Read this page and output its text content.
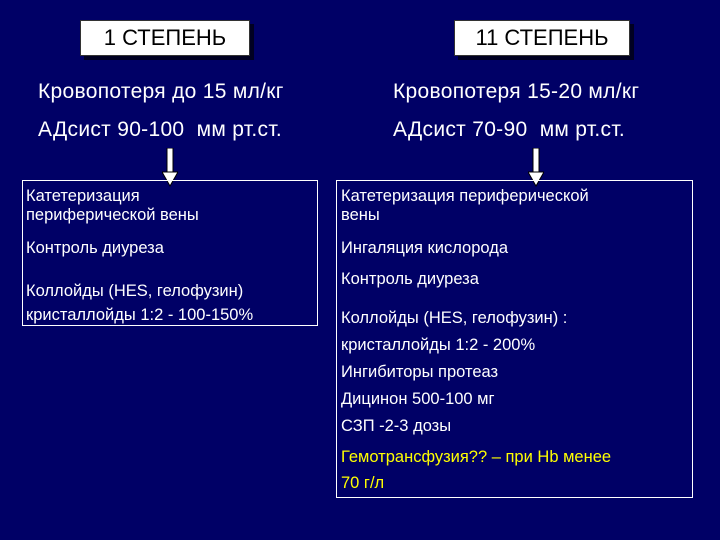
1 СТЕПЕНЬ	11 СТЕПЕНЬ
Кровопотеря до 15 мл/кг
АДсист 90-100  мм рт.ст.
Кровопотеря 15-20 мл/кг
АДсист 70-90  мм рт.ст.
Катетеризация
периферической вены
Контроль диуреза
Коллойды (HES, гелофузин)
кристаллойды 1:2 - 100-150%
Катетеризация периферической
вены
Ингаляция кислорода
Контроль диуреза
Коллойды (HES, гелофузин) :
кристаллойды 1:2 - 200%
Ингибиторы протеаз
Дицинон 500-100 мг
СЗП -2-3 дозы
Гемотрансфузия?? – при Hb менее
70 г/л
